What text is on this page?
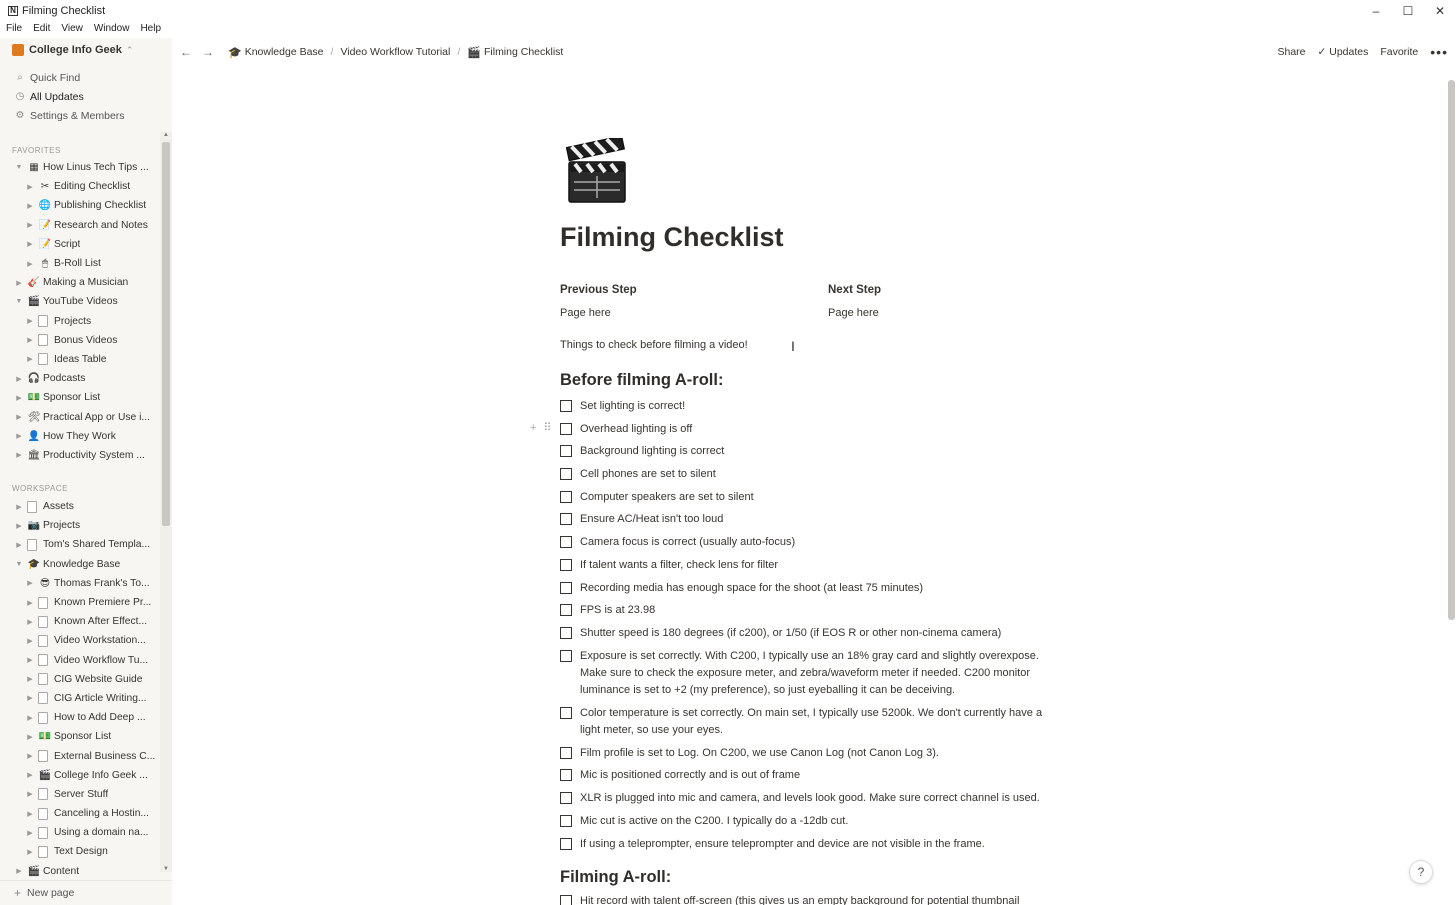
N Filming Checklist	–	☐	✕
File Edit View Window Help
College Info Geek ⌃
⌕ Quick Find
◷ All Updates
⚙ Settings & Members
FAVORITES
▼ ▦ How Linus Tech Tips ...
▶ ✂ Editing Checklist
▶ 🌐 Publishing Checklist
▶ 📝 Research and Notes
▶ 📝 Script
▶ 🖱 B-Roll List
▶ 🎸 Making a Musician
▼ 🎬 YouTube Videos
▶ Projects
▶ Bonus Videos
▶ Ideas Table
▶ 🎧 Podcasts
▶ 💵 Sponsor List
▶ 🛠 Practical App or Use i...
▶ 👤 How They Work
▶ 🏛 Productivity System ...
WORKSPACE
▶ Assets
▶ 📷 Projects
▶ Tom's Shared Templa...
▼ 🎓 Knowledge Base
▶ 😎 Thomas Frank's To...
▶ Known Premiere Pr...
▶ Known After Effect...
▶ Video Workstation...
▶ Video Workflow Tu...
▶ CIG Website Guide
▶ CIG Article Writing...
▶ How to Add Deep ...
▶ 💵 Sponsor List
▶ External Business C...
▶ 🎬 College Info Geek ...
▶ Server Stuff
▶ Canceling a Hostin...
▶ Using a domain na...
▶ Text Design
▶ 🎬 Content
+ New page
▲
▼
← → 🎓 Knowledge Base / Video Workflow Tutorial / 🎬 Filming Checklist	Share ✓ Updates Favorite •••
Filming Checklist
Previous Step
Page here
Next Step
Page here
Things to check before filming a video!	I
Before filming A-roll:
+ ⠿
Set lighting is correct!
Overhead lighting is off
Background lighting is correct
Cell phones are set to silent
Computer speakers are set to silent
Ensure AC/Heat isn't too loud
Camera focus is correct (usually auto-focus)
If talent wants a filter, check lens for filter
Recording media has enough space for the shoot (at least 75 minutes)
FPS is at 23.98
Shutter speed is 180 degrees (if c200), or 1/50 (if EOS R or other non-cinema camera)
Exposure is set correctly. With C200, I typically use an 18% gray card and slightly overexpose. Make sure to check the exposure meter, and zebra/waveform meter if needed. C200 monitor luminance is set to +2 (my preference), so just eyeballing it can be deceiving.
Color temperature is set correctly. On main set, I typically use 5200k. We don't currently have a light meter, so use your eyes.
Film profile is set to Log. On C200, we use Canon Log (not Canon Log 3).
Mic is positioned correctly and is out of frame
XLR is plugged into mic and camera, and levels look good. Make sure correct channel is used.
Mic cut is active on the C200. I typically do a -12db cut.
If using a teleprompter, ensure teleprompter and device are not visible in the frame.
Filming A-roll:
Hit record with talent off-screen (this gives us an empty background for potential thumbnail
?
